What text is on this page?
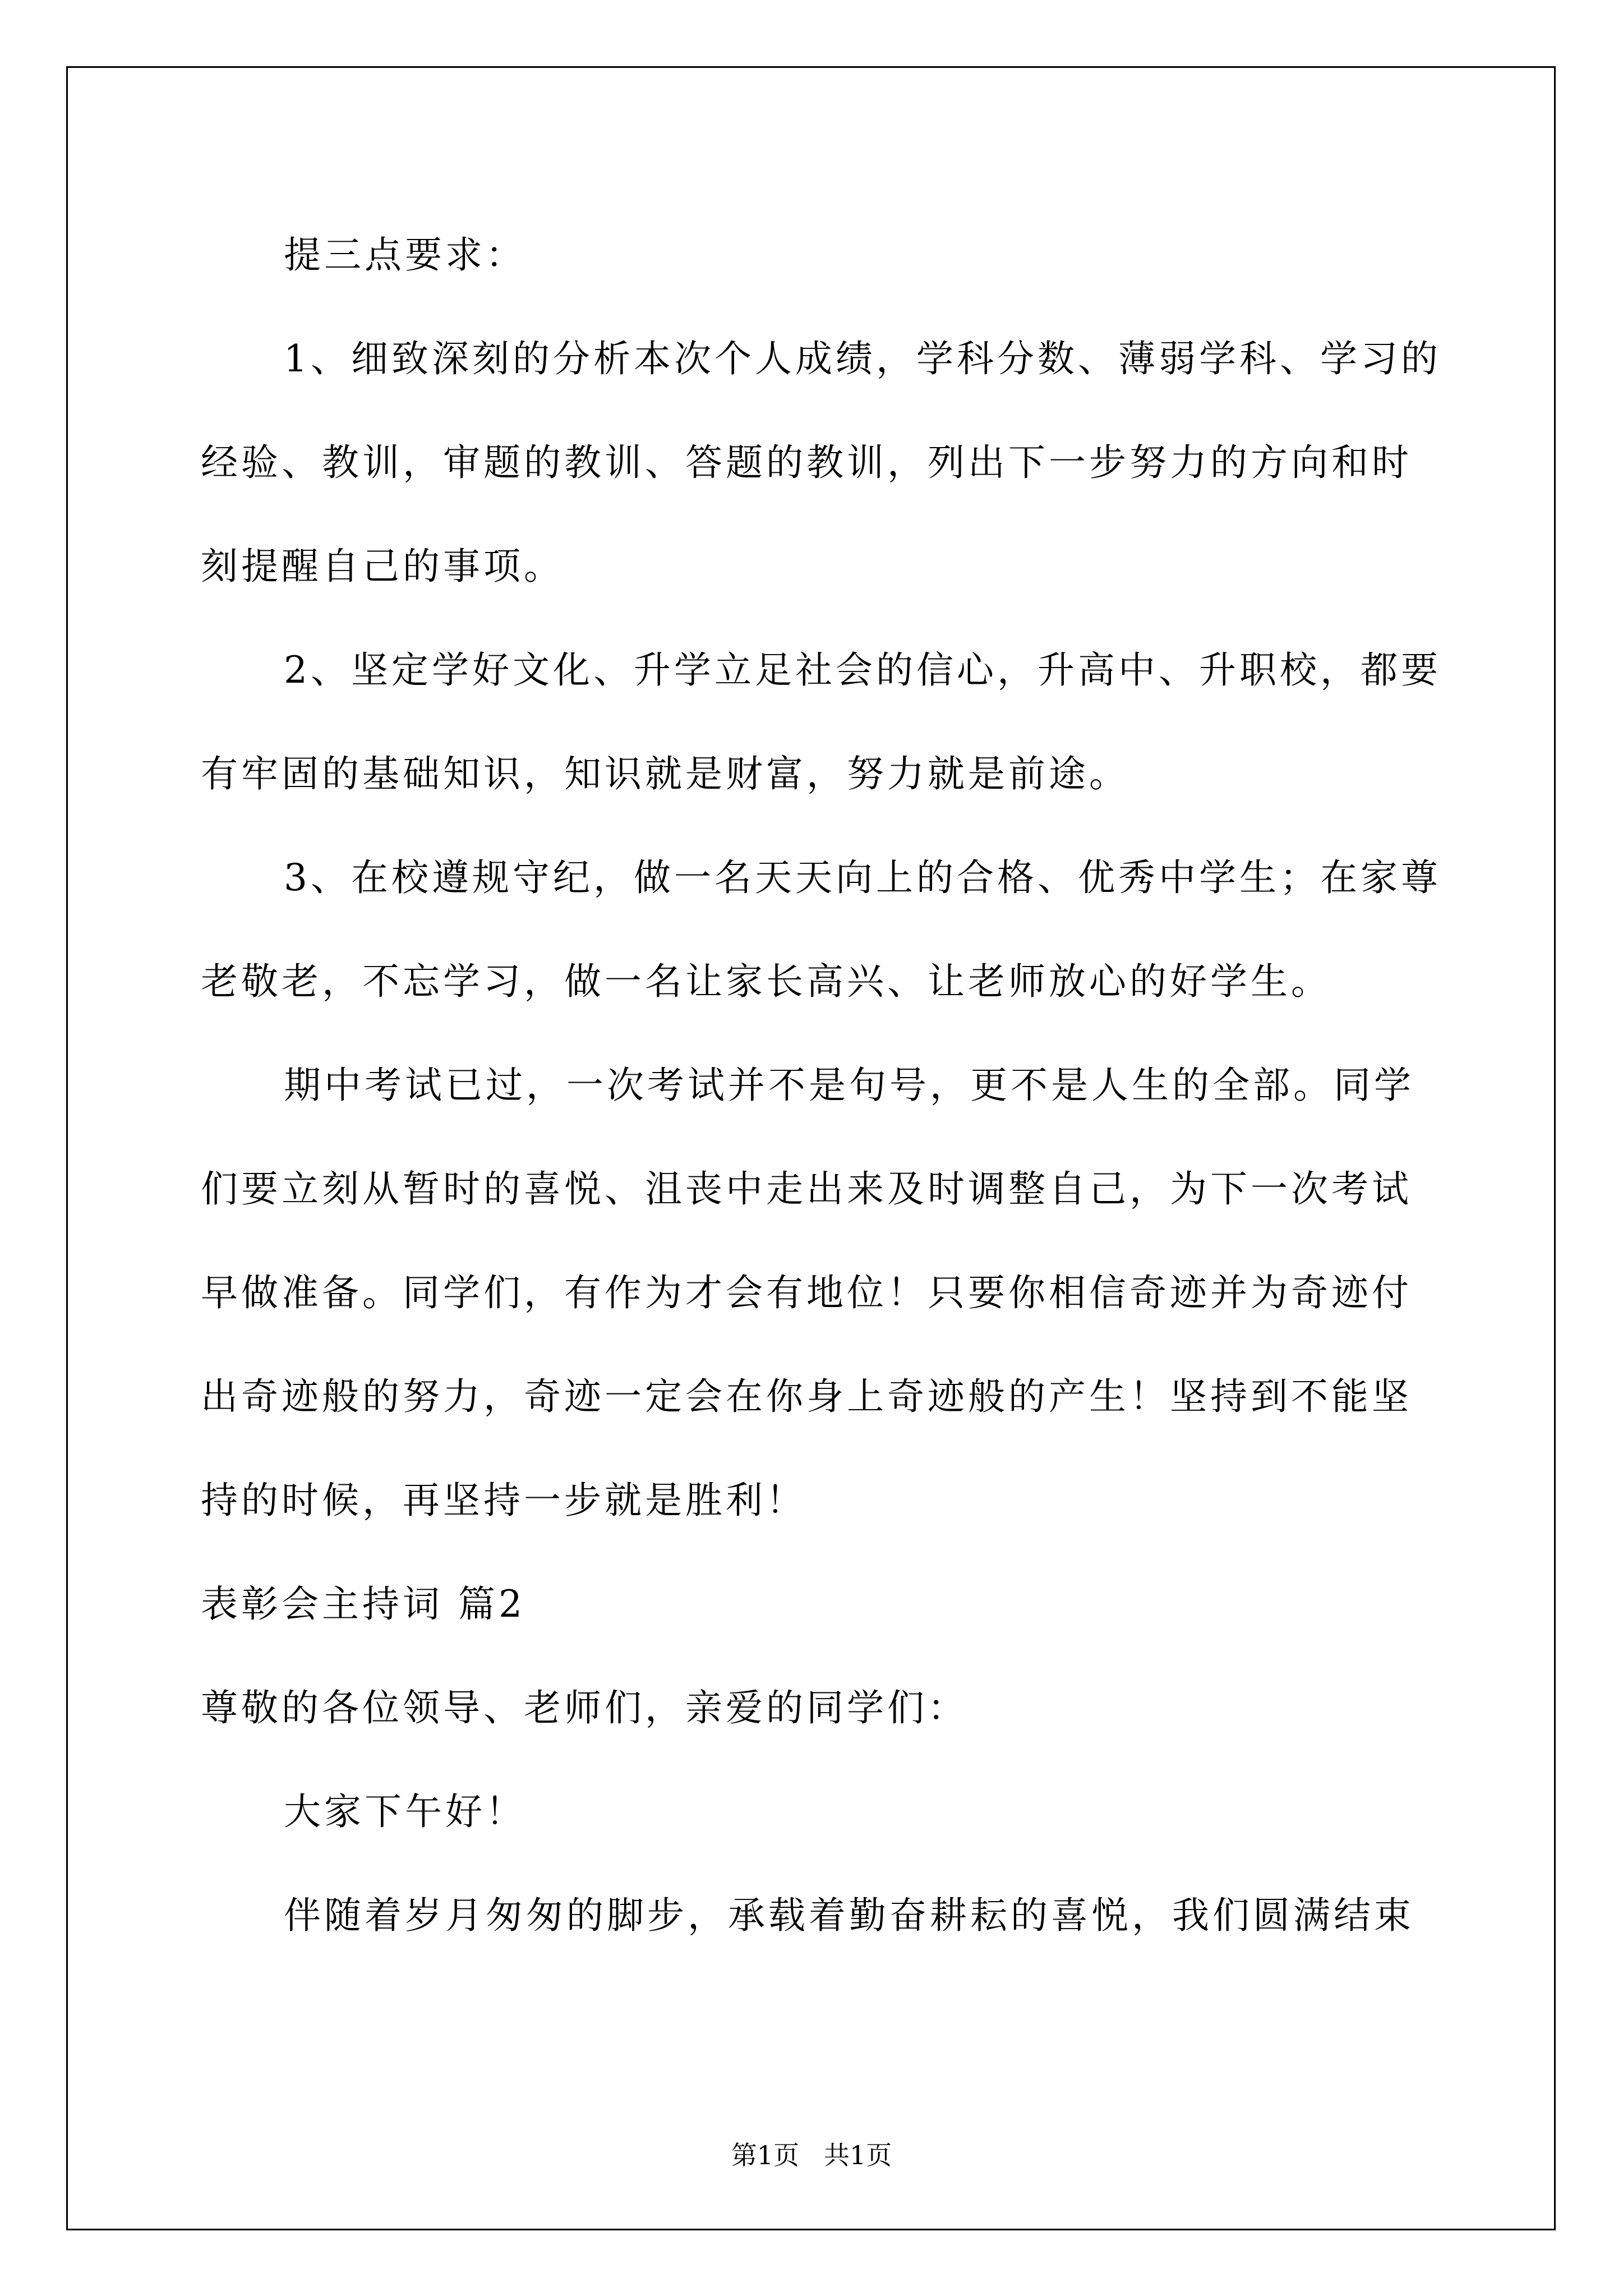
提三点要求：
1、细致深刻的分析本次个人成绩，学科分数、薄弱学科、学习的
经验、教训，审题的教训、答题的教训，列出下一步努力的方向和时
刻提醒自己的事项。
2、坚定学好文化、升学立足社会的信心，升高中、升职校，都要
有牢固的基础知识，知识就是财富，努力就是前途。
3、在校遵规守纪，做一名天天向上的合格、优秀中学生；在家尊
老敬老，不忘学习，做一名让家长高兴、让老师放心的好学生。
期中考试已过，一次考试并不是句号，更不是人生的全部。同学
们要立刻从暂时的喜悦、沮丧中走出来及时调整自己，为下一次考试
早做准备。同学们，有作为才会有地位！只要你相信奇迹并为奇迹付
出奇迹般的努力，奇迹一定会在你身上奇迹般的产生！坚持到不能坚
持的时候，再坚持一步就是胜利！
表彰会主持词 篇2
尊敬的各位领导、老师们，亲爱的同学们：
大家下午好！
伴随着岁月匆匆的脚步，承载着勤奋耕耘的喜悦，我们圆满结束
第1页   共1页
